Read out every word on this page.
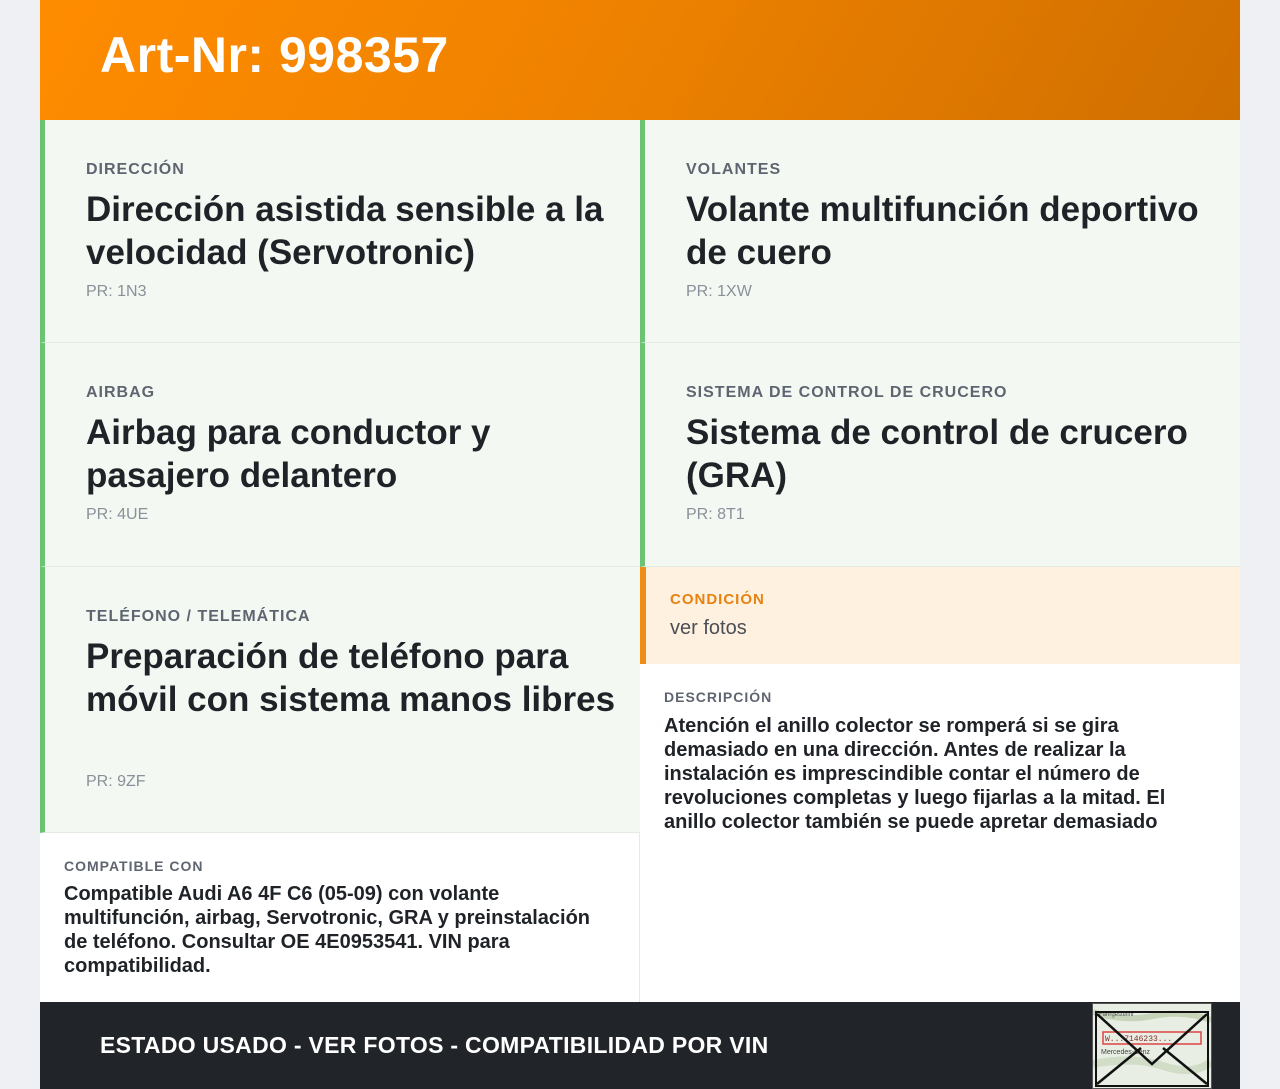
Art-Nr: 998357
DIRECCIÓN
Dirección asistida sensible a la velocidad (Servotronic)
PR: 1N3
VOLANTES
Volante multifunción deportivo de cuero
PR: 1XW
AIRBAG
Airbag para conductor y pasajero delantero
PR: 4UE
SISTEMA DE CONTROL DE CRUCERO
Sistema de control de crucero (GRA)
PR: 8T1
TELÉFONO / TELEMÁTICA
Preparación de teléfono para móvil con sistema manos libres
PR: 9ZF
CONDICIÓN
ver fotos
DESCRIPCIÓN
Atención el anillo colector se romperá si se gira demasiado en una dirección. Antes de realizar la instalación es imprescindible contar el número de revoluciones completas y luego fijarlas a la mitad. El anillo colector también se puede apretar demasiado
COMPATIBLE CON
Compatible Audi A6 4F C6 (05-09) con volante multifunción, airbag, Servotronic, GRA y preinstalación de teléfono. Consultar OE 4E0953541. VIN para compatibilidad.
ESTADO USADO - VER FOTOS - COMPATIBILIDAD POR VIN
Fahrgestellnr
W...7146233...
Mercedes-Benz
